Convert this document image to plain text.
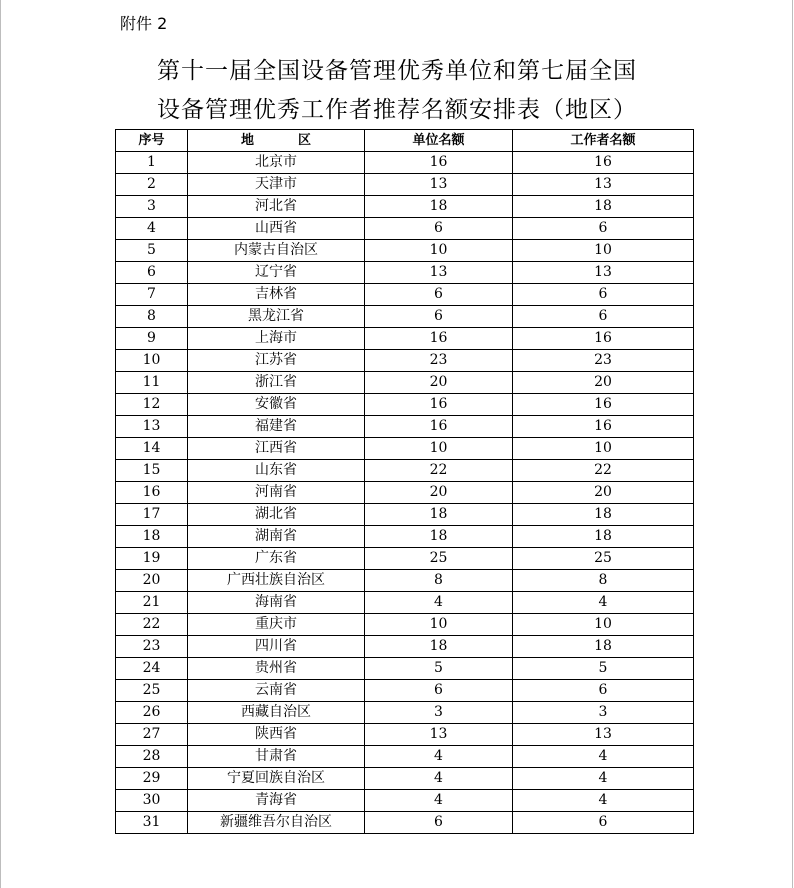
附件 2
第十一届全国设备管理优秀单位和第七届全国
设备管理优秀工作者推荐名额安排表（地区）
序号	地 区	单位名额	工作者名额
1	北京市	16	16
2	天津市	13	13
3	河北省	18	18
4	山西省	6	6
5	内蒙古自治区	10	10
6	辽宁省	13	13
7	吉林省	6	6
8	黑龙江省	6	6
9	上海市	16	16
10	江苏省	23	23
11	浙江省	20	20
12	安徽省	16	16
13	福建省	16	16
14	江西省	10	10
15	山东省	22	22
16	河南省	20	20
17	湖北省	18	18
18	湖南省	18	18
19	广东省	25	25
20	广西壮族自治区	8	8
21	海南省	4	4
22	重庆市	10	10
23	四川省	18	18
24	贵州省	5	5
25	云南省	6	6
26	西藏自治区	3	3
27	陕西省	13	13
28	甘肃省	4	4
29	宁夏回族自治区	4	4
30	青海省	4	4
31	新疆维吾尔自治区	6	6
